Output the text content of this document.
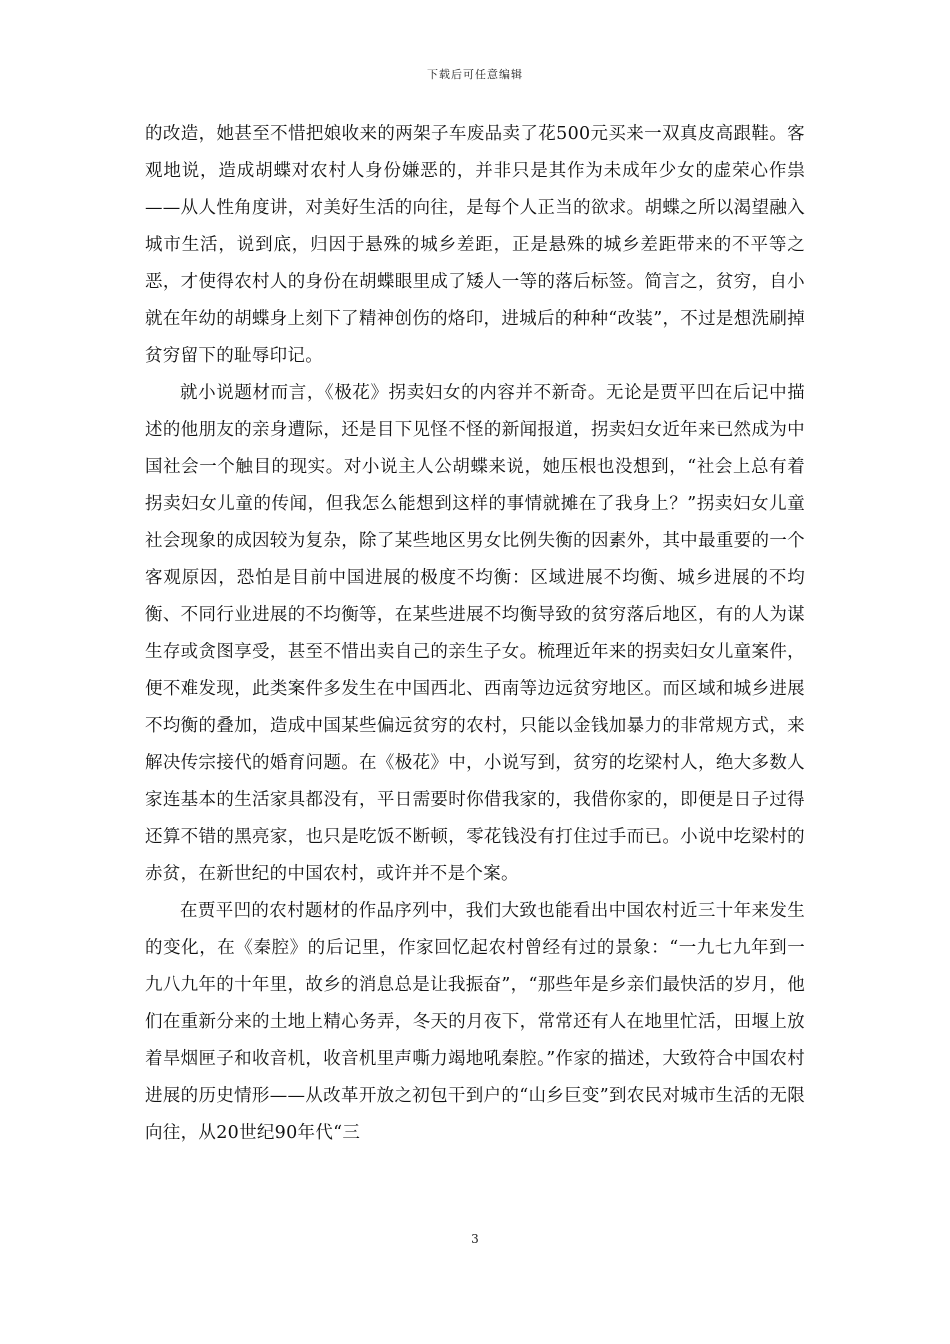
下载后可任意编辑

的改造，她甚至不惜把娘收来的两架子车废品卖了花500元买来一双真皮高跟鞋。客观地说，造成胡蝶对农村人身份嫌恶的，并非只是其作为未成年少女的虚荣心作祟——从人性角度讲，对美好生活的向往，是每个人正当的欲求。胡蝶之所以渴望融入城市生活，说到底，归因于悬殊的城乡差距，正是悬殊的城乡差距带来的不平等之恶，才使得农村人的身份在胡蝶眼里成了矮人一等的落后标签。简言之，贫穷，自小就在年幼的胡蝶身上刻下了精神创伤的烙印，进城后的种种“改装”，不过是想洗刷掉贫穷留下的耻辱印记。

就小说题材而言，《极花》拐卖妇女的内容并不新奇。无论是贾平凹在后记中描述的他朋友的亲身遭际，还是目下见怪不怪的新闻报道，拐卖妇女近年来已然成为中国社会一个触目的现实。对小说主人公胡蝶来说，她压根也没想到，“社会上总有着拐卖妇女儿童的传闻，但我怎么能想到这样的事情就摊在了我身上？”拐卖妇女儿童社会现象的成因较为复杂，除了某些地区男女比例失衡的因素外，其中最重要的一个客观原因，恐怕是目前中国进展的极度不均衡：区域进展不均衡、城乡进展的不均衡、不同行业进展的不均衡等，在某些进展不均衡导致的贫穷落后地区，有的人为谋生存或贪图享受，甚至不惜出卖自己的亲生子女。梳理近年来的拐卖妇女儿童案件，便不难发现，此类案件多发生在中国西北、西南等边远贫穷地区。而区域和城乡进展不均衡的叠加，造成中国某些偏远贫穷的农村，只能以金钱加暴力的非常规方式，来解决传宗接代的婚育问题。在《极花》中，小说写到，贫穷的圪梁村人，绝大多数人家连基本的生活家具都没有，平日需要时你借我家的，我借你家的，即便是日子过得还算不错的黑亮家，也只是吃饭不断顿，零花钱没有打住过手而已。小说中圪梁村的赤贫，在新世纪的中国农村，或许并不是个案。

在贾平凹的农村题材的作品序列中，我们大致也能看出中国农村近三十年来发生的变化，在《秦腔》的后记里，作家回忆起农村曾经有过的景象：“一九七九年到一九八九年的十年里，故乡的消息总是让我振奋”，“那些年是乡亲们最快活的岁月，他们在重新分来的土地上精心务弄，冬天的月夜下，常常还有人在地里忙活，田堰上放着旱烟匣子和收音机，收音机里声嘶力竭地吼秦腔。”作家的描述，大致符合中国农村进展的历史情形——从改革开放之初包干到户的“山乡巨变”到农民对城市生活的无限向往，从20世纪90年代“三

3
